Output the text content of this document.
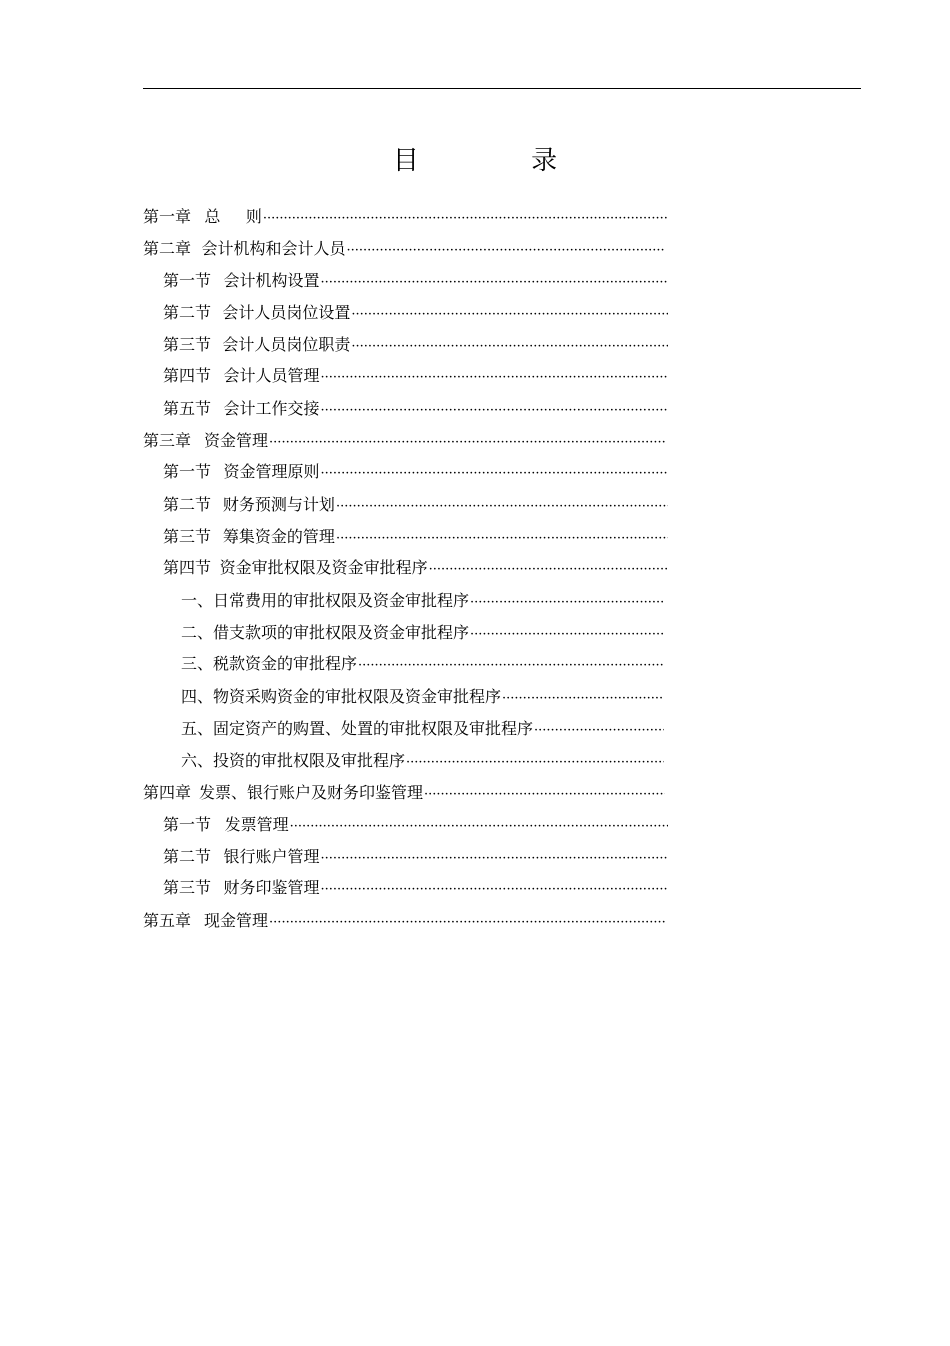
目 录
第一章 总 则
·····
第二章 会计机构和会计人员
·····
第一节 会计机构设置
·····
第二节 会计人员岗位设置
·····
第三节 会计人员岗位职责
·····
第四节 会计人员管理
·····
第五节 会计工作交接
·····
第三章 资金管理
·····
第一节 资金管理原则
·····
第二节 财务预测与计划
·····
第三节 筹集资金的管理
·····
第四节 资金审批权限及资金审批程序
·····
一、日常费用的审批权限及资金审批程序
·····
二、借支款项的审批权限及资金审批程序
·····
三、税款资金的审批程序
·····
四、物资采购资金的审批权限及资金审批程序
·····
五、固定资产的购置、处置的审批权限及审批程序
·····
六、投资的审批权限及审批程序
·····
第四章 发票、银行账户及财务印鉴管理
·····
第一节 发票管理
·····
第二节 银行账户管理
·····
第三节 财务印鉴管理
·····
第五章 现金管理
·····
